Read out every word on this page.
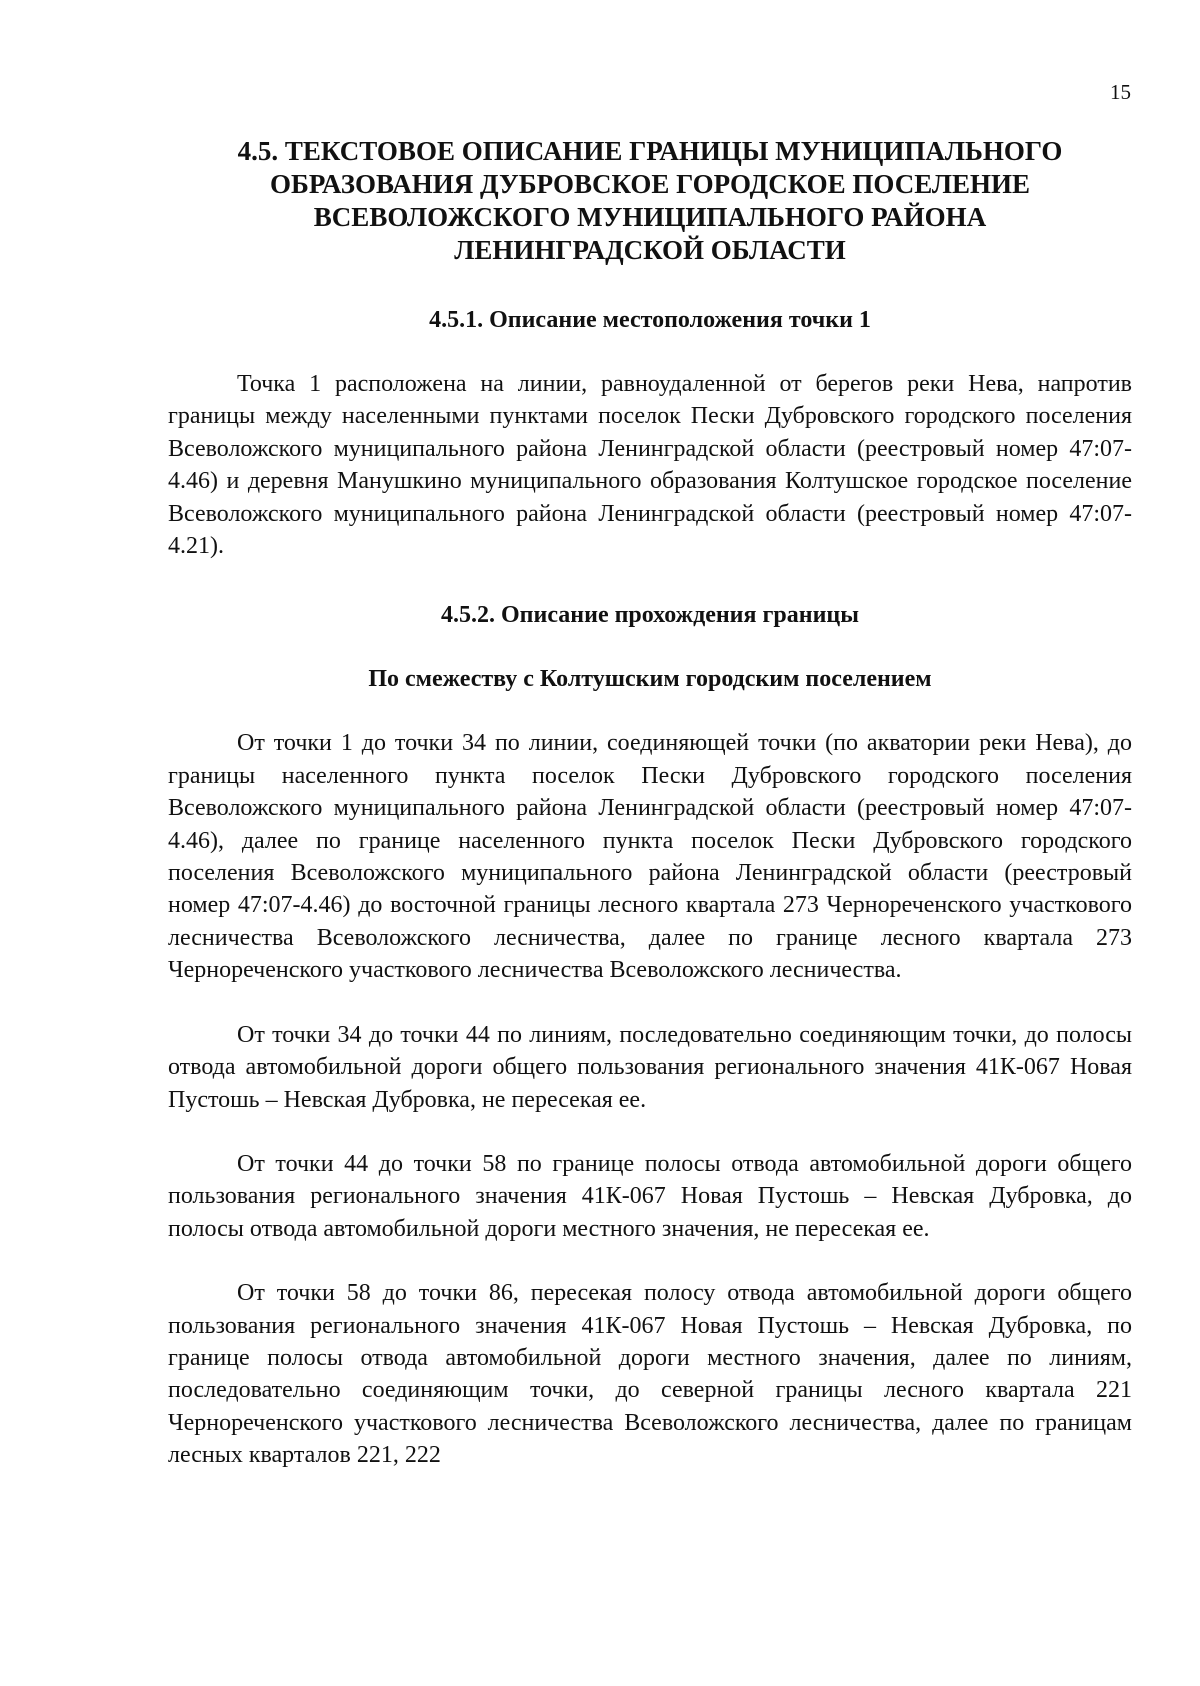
15
4.5. ТЕКСТОВОЕ ОПИСАНИЕ ГРАНИЦЫ МУНИЦИПАЛЬНОГО
ОБРАЗОВАНИЯ ДУБРОВСКОЕ ГОРОДСКОЕ ПОСЕЛЕНИЕ
ВСЕВОЛОЖСКОГО МУНИЦИПАЛЬНОГО РАЙОНА
ЛЕНИНГРАДСКОЙ ОБЛАСТИ
4.5.1. Описание местоположения точки 1

Точка 1 расположена на линии, равноудаленной от берегов реки Нева, напротив границы между населенными пунктами поселок Пески Дубровского городского поселения Всеволожского муниципального района Ленинградской области (реестровый номер 47:07-4.46) и деревня Манушкино муниципального образования Колтушское городское поселение Всеволожского муниципального района Ленинградской области (реестровый номер 47:07-4.21).

4.5.2. Описание прохождения границы
По смежеству с Колтушским городским поселением

От точки 1 до точки 34 по линии, соединяющей точки (по акватории реки Нева), до границы населенного пункта поселок Пески Дубровского городского поселения Всеволожского муниципального района Ленинградской области (реестровый номер 47:07-4.46), далее по границе населенного пункта поселок Пески Дубровского городского поселения Всеволожского муниципального района Ленинградской области (реестровый номер 47:07-4.46) до восточной границы лесного квартала 273 Чернореченского участкового лесничества Всеволожского лесничества, далее по границе лесного квартала 273 Чернореченского участкового лесничества Всеволожского лесничества.

От точки 34 до точки 44 по линиям, последовательно соединяющим точки, до полосы отвода автомобильной дороги общего пользования регионального значения 41К-067 Новая Пустошь – Невская Дубровка, не пересекая ее.

От точки 44 до точки 58 по границе полосы отвода автомобильной дороги общего пользования регионального значения 41К-067 Новая Пустошь – Невская Дубровка, до полосы отвода автомобильной дороги местного значения, не пересекая ее.

От точки 58 до точки 86, пересекая полосу отвода автомобильной дороги общего пользования регионального значения 41К-067 Новая Пустошь – Невская Дубровка, по границе полосы отвода автомобильной дороги местного значения, далее по линиям, последовательно соединяющим точки, до северной границы лесного квартала 221 Чернореченского участкового лесничества Всеволожского лесничества, далее по границам лесных кварталов 221, 222
